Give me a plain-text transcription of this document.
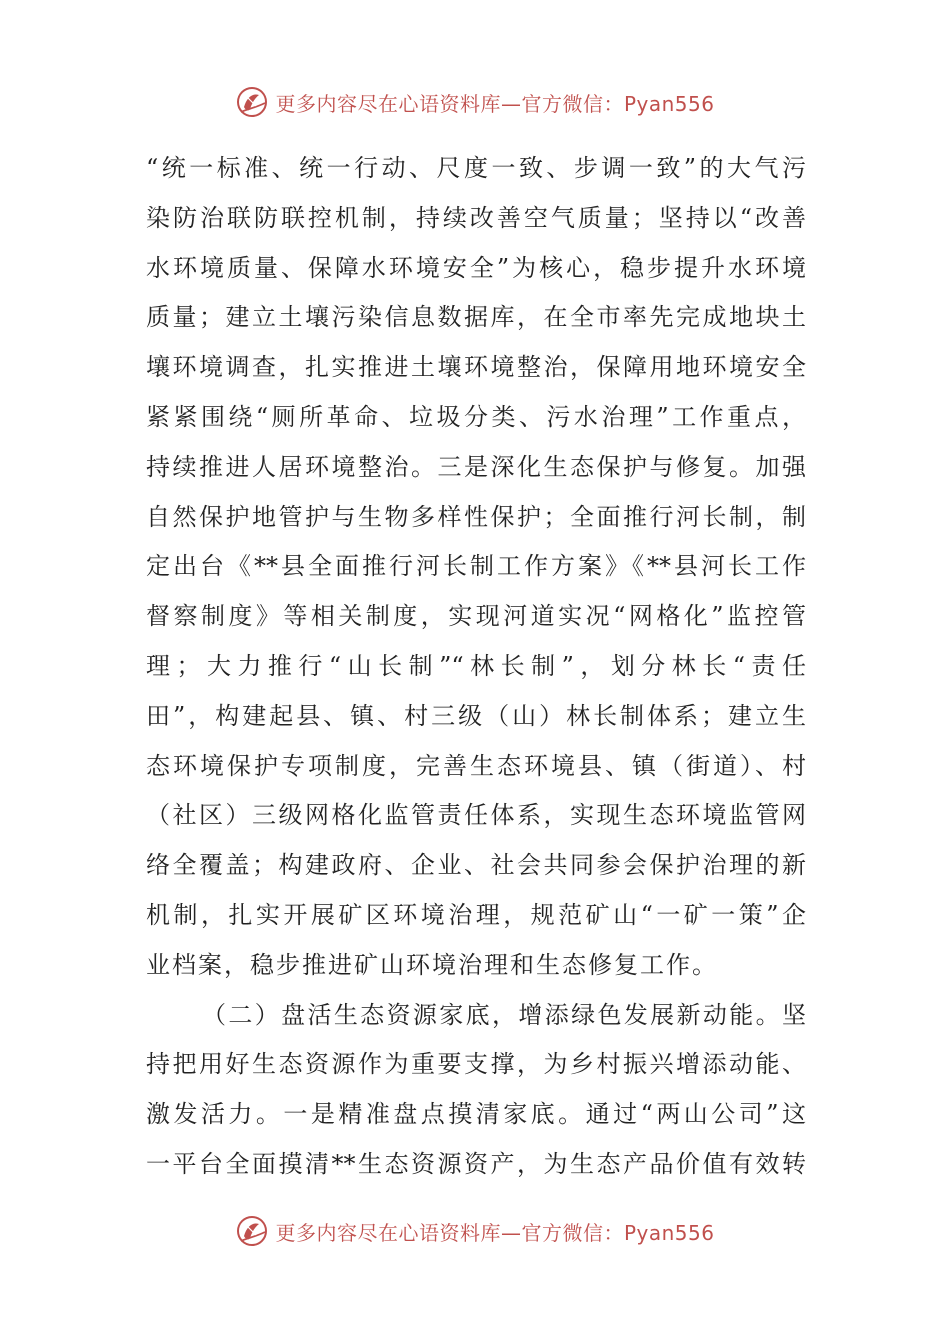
更多内容尽在心语资料库—官方微信：Pyan556
“统一标准、统一行动、尺度一致、步调一致”的大气污
染防治联防联控机制，持续改善空气质量；坚持以“改善
水环境质量、保障水环境安全”为核心，稳步提升水环境
质量；建立土壤污染信息数据库，在全市率先完成地块土
壤环境调查，扎实推进土壤环境整治，保障用地环境安全
紧紧围绕“厕所革命、垃圾分类、污水治理”工作重点，
持续推进人居环境整治。三是深化生态保护与修复。加强
自然保护地管护与生物多样性保护；全面推行河长制，制
定出台《**县全面推行河长制工作方案》《**县河长工作
督察制度》等相关制度，实现河道实况“网格化”监控管
理；大力推行“山长制”“林长制”，划分林长“责任
田”，构建起县、镇、村三级（山）林长制体系；建立生
态环境保护专项制度，完善生态环境县、镇（街道）、村
（社区）三级网格化监管责任体系，实现生态环境监管网
络全覆盖；构建政府、企业、社会共同参会保护治理的新
机制，扎实开展矿区环境治理，规范矿山“一矿一策”企
业档案，稳步推进矿山环境治理和生态修复工作。
（二）盘活生态资源家底，增添绿色发展新动能。坚
持把用好生态资源作为重要支撑，为乡村振兴增添动能、
激发活力。一是精准盘点摸清家底。通过“两山公司”这
一平台全面摸清**生态资源资产，为生态产品价值有效转
更多内容尽在心语资料库—官方微信：Pyan556
